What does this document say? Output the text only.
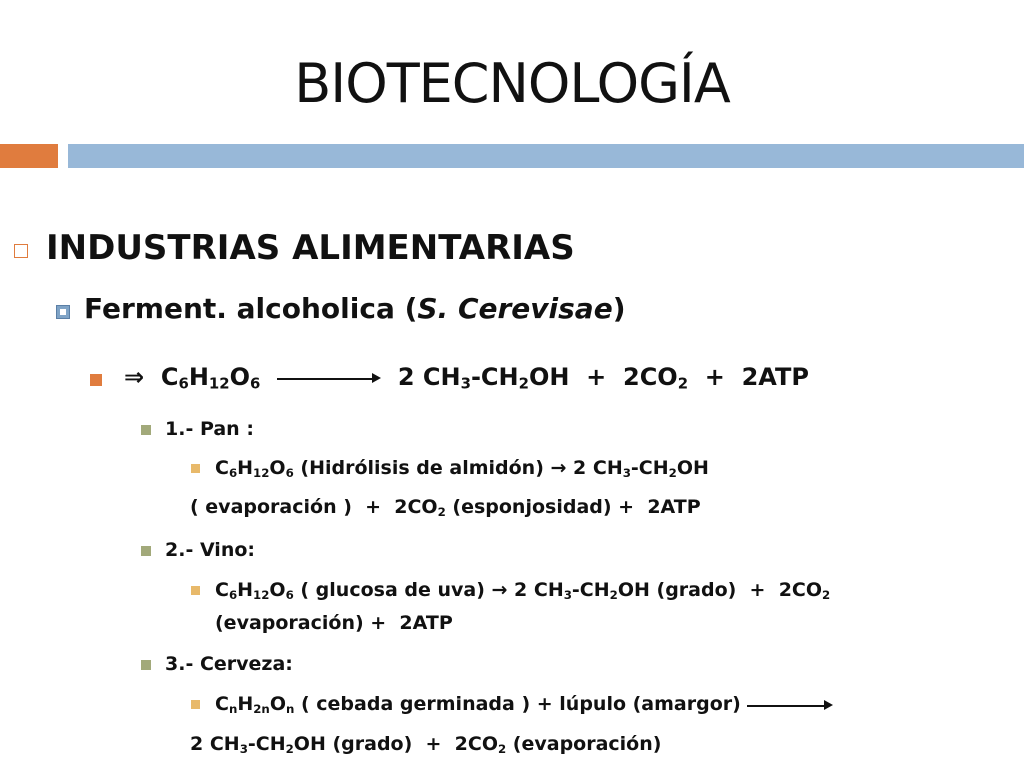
BIOTECNOLOGÍA
INDUSTRIAS ALIMENTARIAS
Ferment. alcoholica (S. Cerevisae)
⇒ $C_6H_{12}O_6$	2 $CH_3-CH_2OH + 2CO_2 + 2ATP$
1.- Pan :
$C_6H_{12}O_6$ (Hidrólisis de almidón) → 2 $CH_3-CH_2OH$
( evaporación )  +  $2CO_2$ (esponjosidad) +  2ATP
2.- Vino:
$C_6H_{12}O_6$ ( glucosa de uva) → 2 $CH_3-CH_2OH$ (grado)  +  $2CO_2$
(evaporación) +  2ATP
3.- Cerveza:
$C_nH_{2n}O_n$ ( cebada germinada ) + lúpulo (amargor)
2 $CH_3-CH_2OH$ (grado)  +  $2CO_2$ (evaporación)
